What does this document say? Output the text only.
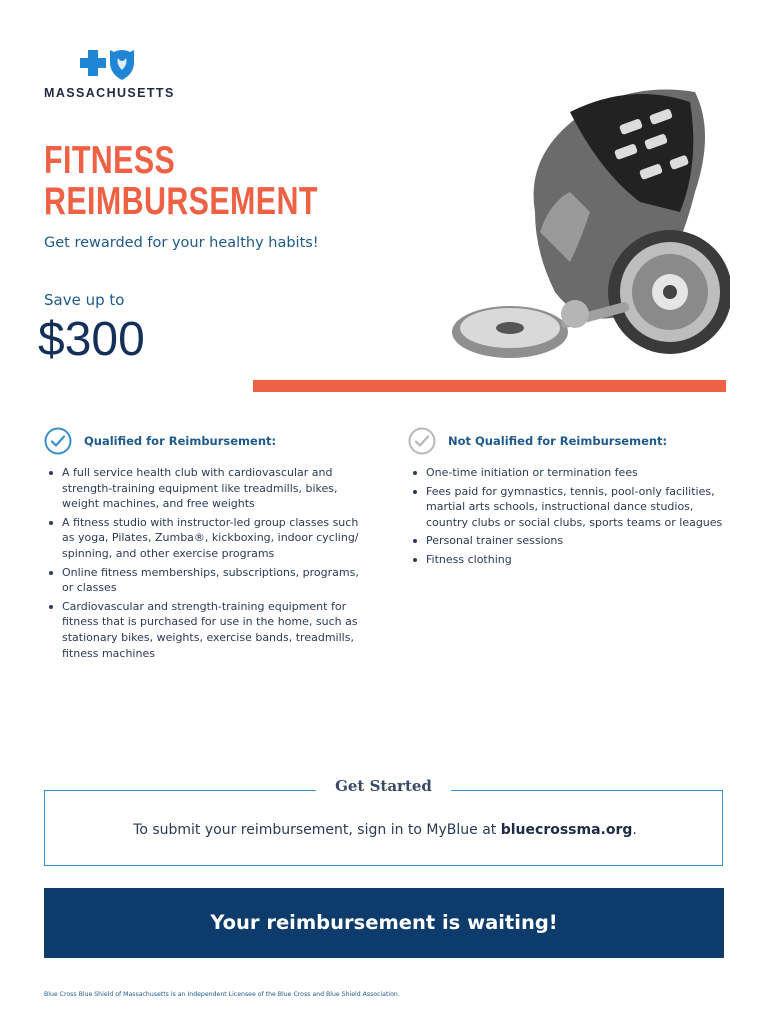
MASSACHUSETTS
FITNESS
REIMBURSEMENT
Get rewarded for your healthy habits!
Save up to
$300
Qualified for Reimbursement:
A full service health club with cardiovascular and strength-training equipment like treadmills, bikes, weight machines, and free weights
A fitness studio with instructor-led group classes such as yoga, Pilates, Zumba®, kickboxing, indoor cycling/ spinning, and other exercise programs
Online fitness memberships, subscriptions, programs, or classes
Cardiovascular and strength-training equipment for fitness that is purchased for use in the home, such as stationary bikes, weights, exercise bands, treadmills, fitness machines
Not Qualified for Reimbursement:
One-time initiation or termination fees
Fees paid for gymnastics, tennis, pool-only facilities, martial arts schools, instructional dance studios, country clubs or social clubs, sports teams or leagues
Personal trainer sessions
Fitness clothing
Get Started
To submit your reimbursement, sign in to MyBlue at bluecrossma.org.
Your reimbursement is waiting!
Blue Cross Blue Shield of Massachusetts is an Independent Licensee of the Blue Cross and Blue Shield Association.
